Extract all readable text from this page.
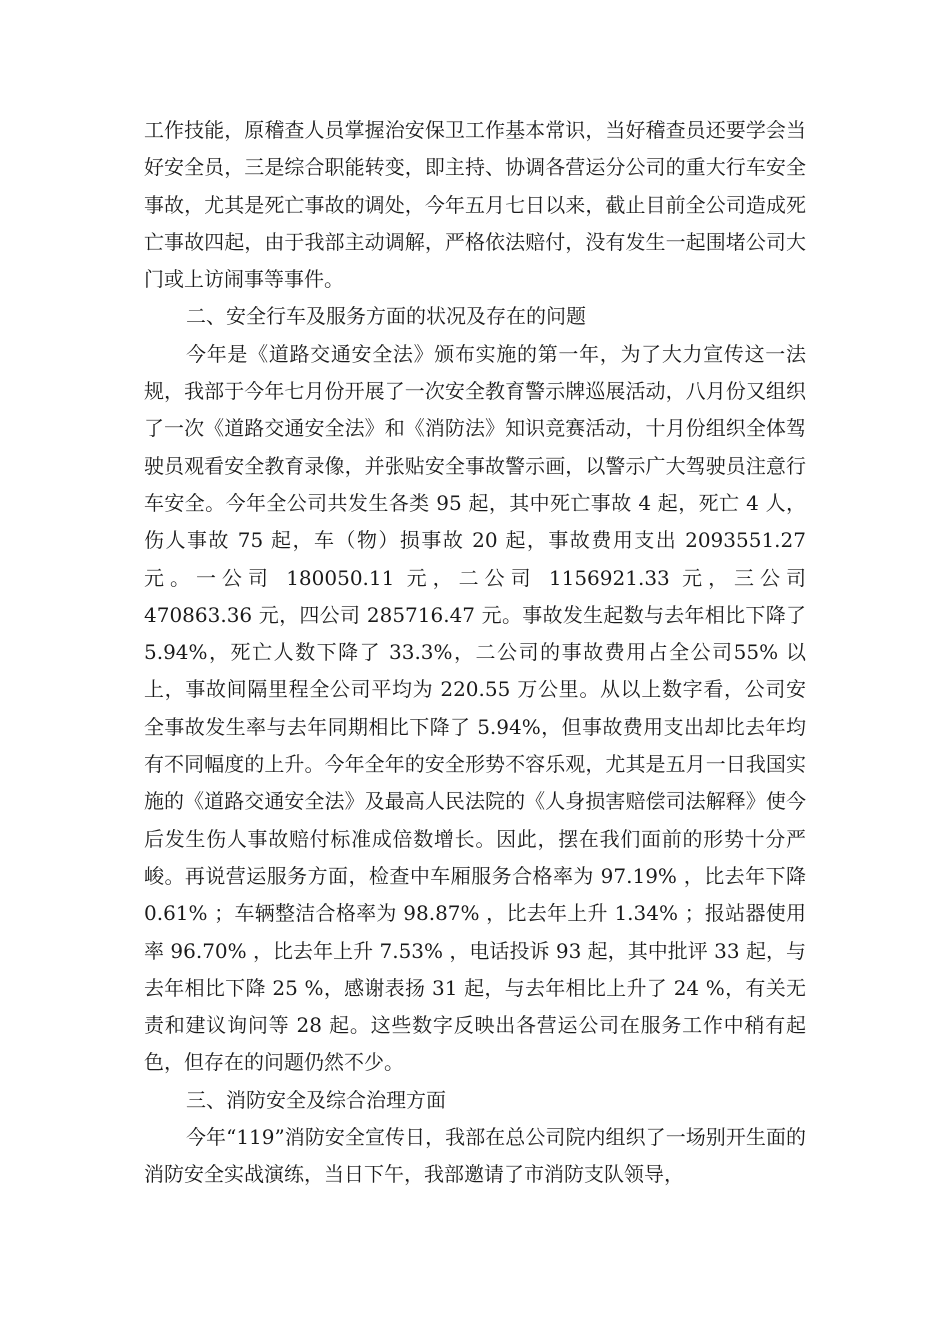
工作技能，原稽查人员掌握治安保卫工作基本常识，当好稽查员还要学会当好安全员，三是综合职能转变，即主持、协调各营运分公司的重大行车安全事故，尤其是死亡事故的调处，今年五月七日以来，截止目前全公司造成死亡事故四起，由于我部主动调解，严格依法赔付，没有发生一起围堵公司大门或上访闹事等事件。

二、安全行车及服务方面的状况及存在的问题

今年是《道路交通安全法》颁布实施的第一年，为了大力宣传这一法规，我部于今年七月份开展了一次安全教育警示牌巡展活动，八月份又组织了一次《道路交通安全法》和《消防法》知识竞赛活动，十月份组织全体驾驶员观看安全教育录像，并张贴安全事故警示画，以警示广大驾驶员注意行车安全。今年全公司共发生各类 95 起，其中死亡事故 4 起，死亡 4 人，伤人事故 75 起，车（物）损事故 20 起，事故费用支出 2093551.27 元。一公司 180050.11 元，二公司 1156921.33 元，三公司 470863.36 元，四公司 285716.47 元。事故发生起数与去年相比下降了 5.94%，死亡人数下降了 33.3%，二公司的事故费用占全公司55% 以上，事故间隔里程全公司平均为 220.55 万公里。从以上数字看，公司安全事故发生率与去年同期相比下降了 5.94%，但事故费用支出却比去年均有不同幅度的上升。今年全年的安全形势不容乐观，尤其是五月一日我国实施的《道路交通安全法》及最高人民法院的《人身损害赔偿司法解释》使今后发生伤人事故赔付标准成倍数增长。因此，摆在我们面前的形势十分严峻。再说营运服务方面，检查中车厢服务合格率为 97.19% ，比去年下降 0.61% ；车辆整洁合格率为 98.87% ，比去年上升 1.34% ；报站器使用率 96.70% ，比去年上升 7.53% ，电话投诉 93 起，其中批评 33 起，与去年相比下降 25 %，感谢表扬 31 起，与去年相比上升了 24 %，有关无责和建议询问等 28 起。这些数字反映出各营运公司在服务工作中稍有起色，但存在的问题仍然不少。

三、消防安全及综合治理方面

今年“119”消防安全宣传日，我部在总公司院内组织了一场别开生面的消防安全实战演练，当日下午，我部邀请了市消防支队领导，
